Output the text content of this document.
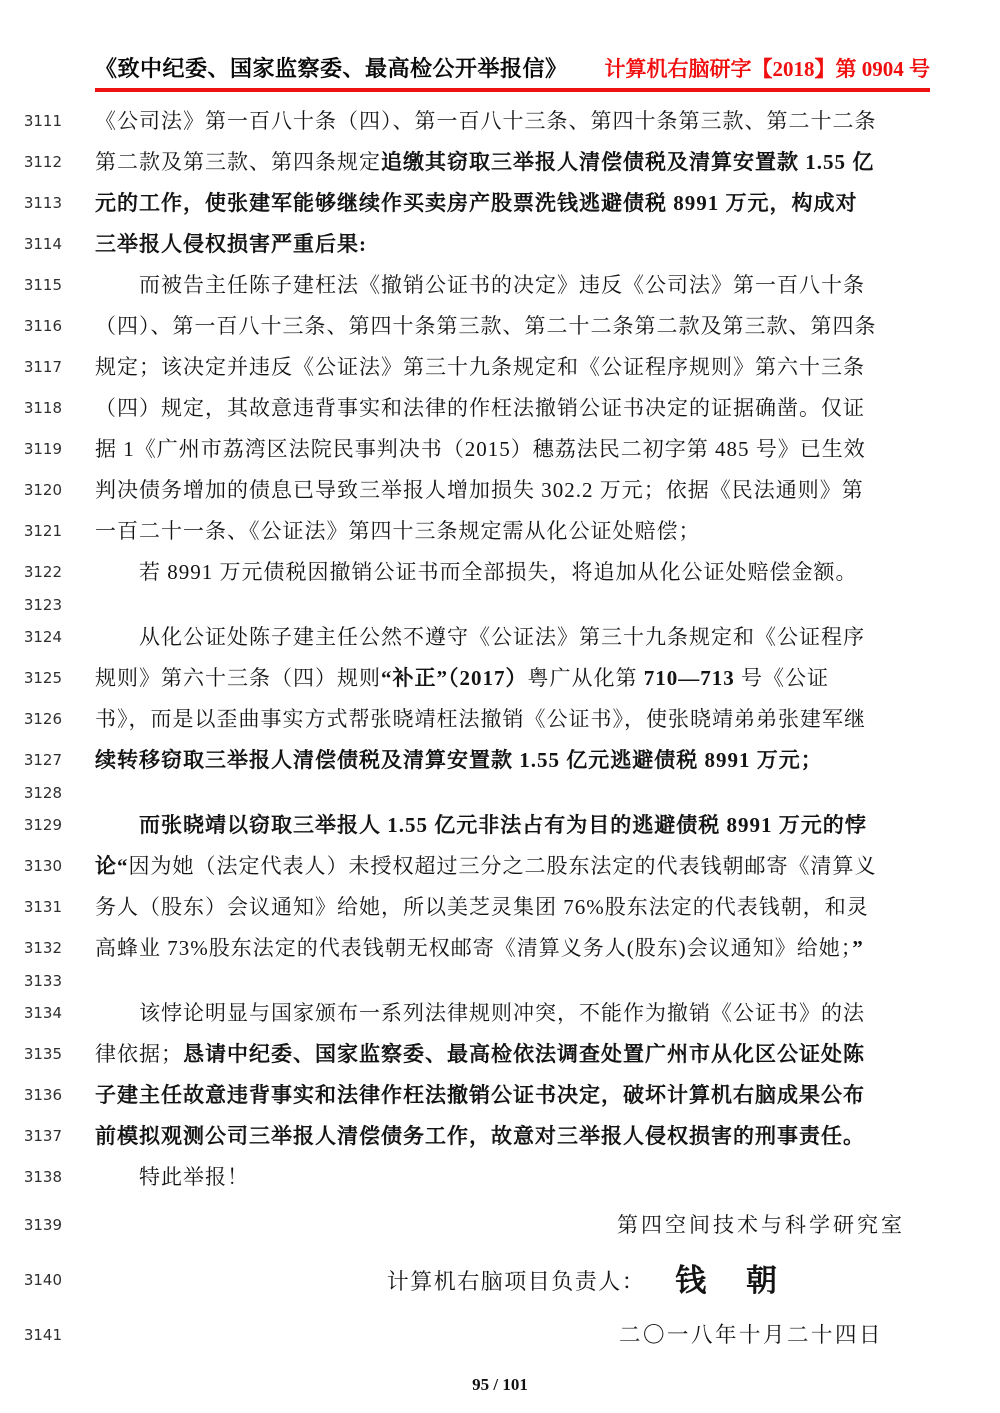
《致中纪委、国家监察委、最高检公开举报信》 计算机右脑研字【2018】第 0904 号
3111 《公司法》第一百八十条（四）、第一百八十三条、第四十条第三款、第二十二条
3112 第二款及第三款、第四条规定追缴其窃取三举报人清偿债税及清算安置款 1.55 亿
3113 元的工作，使张建军能够继续作买卖房产股票洗钱逃避债税 8991 万元，构成对
3114 三举报人侵权损害严重后果:
3115	而被告主任陈子建枉法《撤销公证书的决定》违反《公司法》第一百八十条
3116 （四）、第一百八十三条、第四十条第三款、第二十二条第二款及第三款、第四条
3117 规定；该决定并违反《公证法》第三十九条规定和《公证程序规则》第六十三条
3118 （四）规定，其故意违背事实和法律的作枉法撤销公证书决定的证据确凿。仅证
3119 据 1《广州市荔湾区法院民事判决书（2015）穗荔法民二初字第 485 号》已生效
3120 判决债务增加的债息已导致三举报人增加损失 302.2 万元；依据《民法通则》第
3121 一百二十一条、《公证法》第四十三条规定需从化公证处赔偿；
3122	若 8991 万元债税因撤销公证书而全部损失，将追加从化公证处赔偿金额。
3123
3124	从化公证处陈子建主任公然不遵守《公证法》第三十九条规定和《公证程序
3125 规则》第六十三条（四）规则“补正”（2017）粤广从化第 710—713 号《公证
3126 书》，而是以歪曲事实方式帮张晓靖枉法撤销《公证书》，使张晓靖弟弟张建军继
3127 续转移窃取三举报人清偿债税及清算安置款 1.55 亿元逃避债税 8991 万元；
3128
3129	而张晓靖以窃取三举报人 1.55 亿元非法占有为目的逃避债税 8991 万元的悖
3130 论“因为她（法定代表人）未授权超过三分之二股东法定的代表钱朝邮寄《清算义
3131 务人（股东）会议通知》给她，所以美芝灵集团 76%股东法定的代表钱朝，和灵
3132 高蜂业 73%股东法定的代表钱朝无权邮寄《清算义务人(股东)会议通知》给她；”
3133
3134	该悖论明显与国家颁布一系列法律规则冲突，不能作为撤销《公证书》的法
3135 律依据；恳请中纪委、国家监察委、最高检依法调查处置广州市从化区公证处陈
3136 子建主任故意违背事实和法律作枉法撤销公证书决定，破坏计算机右脑成果公布
3137 前模拟观测公司三举报人清偿债务工作，故意对三举报人侵权损害的刑事责任。
3138	特此举报！
3139	第四空间技术与科学研究室
3140	计算机右脑项目负责人： 钱 朝
3141	二〇一八年十月二十四日
95 / 101
